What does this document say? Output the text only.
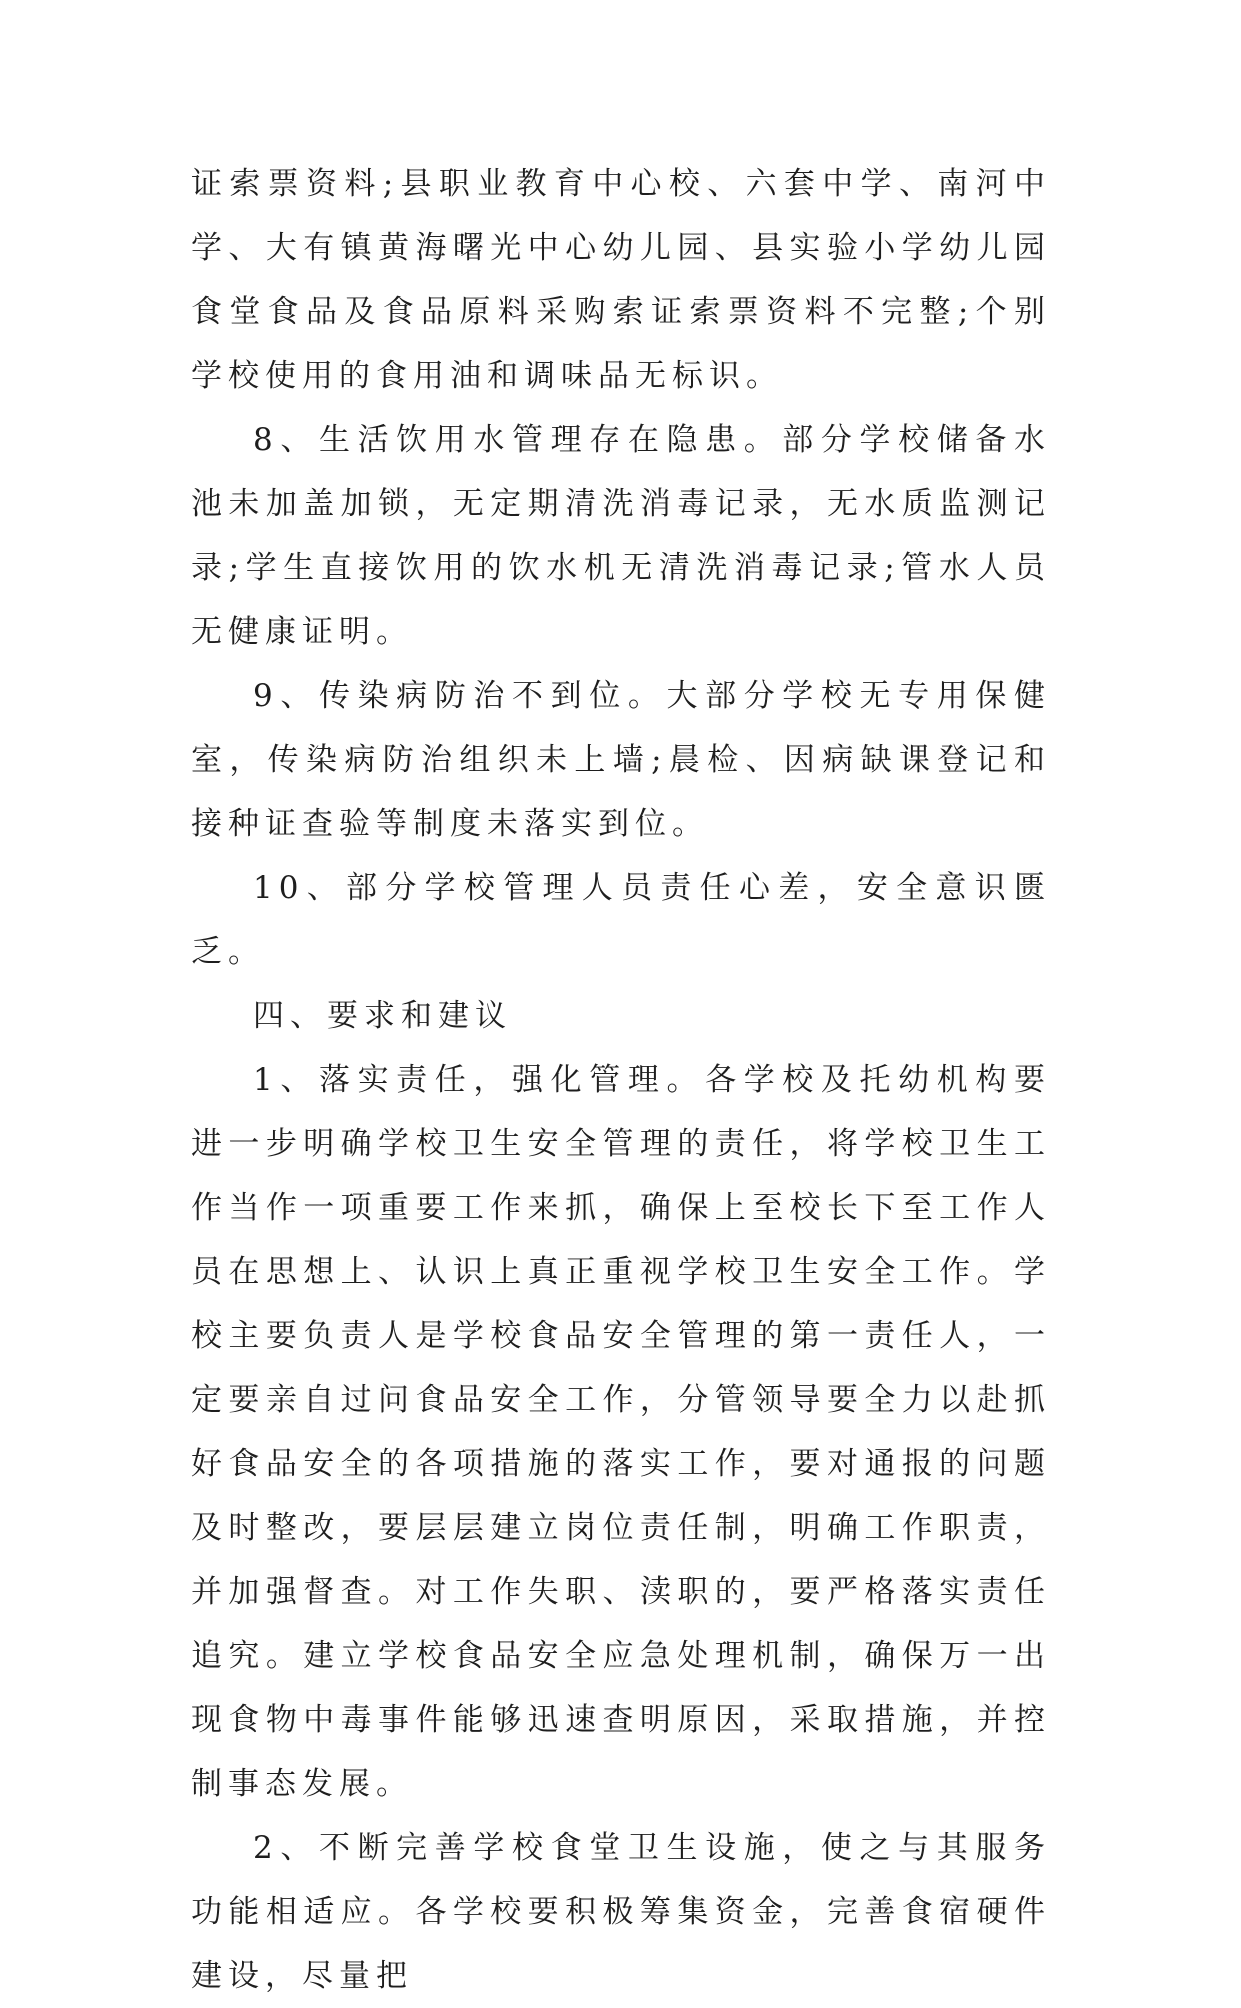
证索票资料;县职业教育中心校、六套中学、南河中学、大有镇黄海曙光中心幼儿园、县实验小学幼儿园食堂食品及食品原料采购索证索票资料不完整;个别学校使用的食用油和调味品无标识。

8、生活饮用水管理存在隐患。部分学校储备水池未加盖加锁，无定期清洗消毒记录，无水质监测记录;学生直接饮用的饮水机无清洗消毒记录;管水人员无健康证明。

9、传染病防治不到位。大部分学校无专用保健室，传染病防治组织未上墙;晨检、因病缺课登记和接种证查验等制度未落实到位。

10、部分学校管理人员责任心差，安全意识匮乏。

四、要求和建议

1、落实责任，强化管理。各学校及托幼机构要进一步明确学校卫生安全管理的责任，将学校卫生工作当作一项重要工作来抓，确保上至校长下至工作人员在思想上、认识上真正重视学校卫生安全工作。学校主要负责人是学校食品安全管理的第一责任人，一定要亲自过问食品安全工作，分管领导要全力以赴抓好食品安全的各项措施的落实工作，要对通报的问题及时整改，要层层建立岗位责任制，明确工作职责，并加强督查。对工作失职、渎职的，要严格落实责任追究。建立学校食品安全应急处理机制，确保万一出现食物中毒事件能够迅速查明原因，采取措施，并控制事态发展。

2、不断完善学校食堂卫生设施，使之与其服务功能相适应。各学校要积极筹集资金，完善食宿硬件建设，尽量把
